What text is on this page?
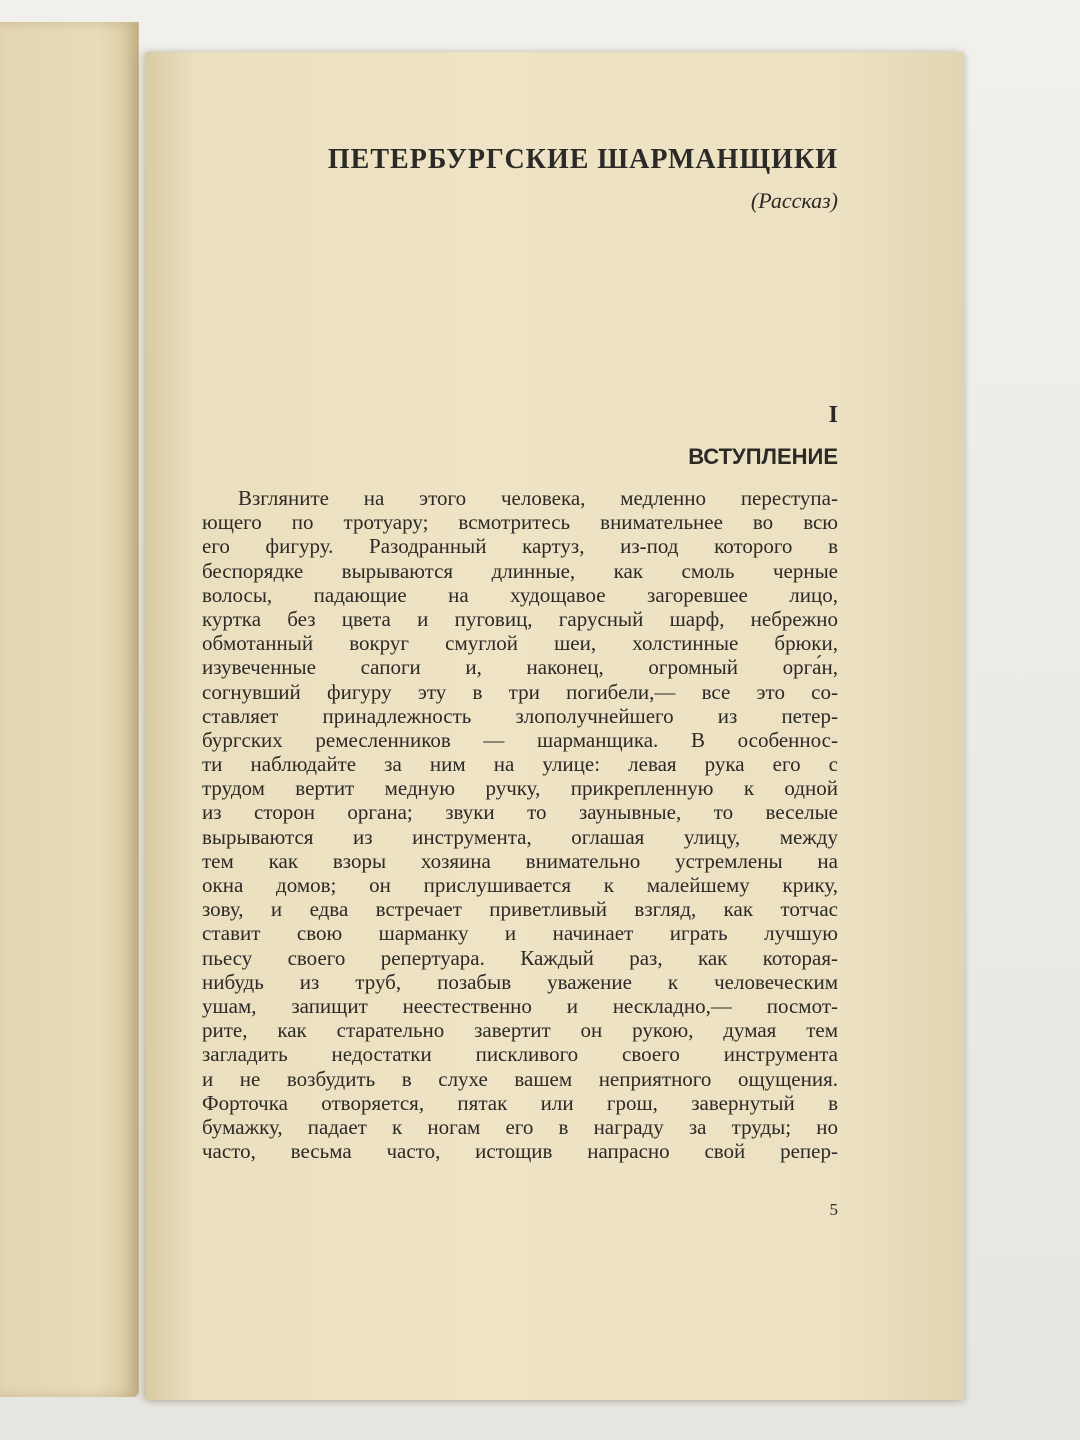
ПЕТЕРБУРГСКИЕ ШАРМАНЩИКИ

(Рассказ)

I

ВСТУПЛЕНИЕ
Взгляните на этого человека, медленно переступа-
ющего по тротуару; всмотритесь внимательнее во всю
его фигуру. Разодранный картуз, из-под которого в
беспорядке вырываются длинные, как смоль черные
волосы, падающие на худощавое загоревшее лицо,
куртка без цвета и пуговиц, гарусный шарф, небрежно
обмотанный вокруг смуглой шеи, холстинные брюки,
изувеченные сапоги и, наконец, огромный орга́н,
согнувший фигуру эту в три погибели,— все это со-
ставляет принадлежность злополучнейшего из петер-
бургских ремесленников — шарманщика. В особеннос-
ти наблюдайте за ним на улице: левая рука его с
трудом вертит медную ручку, прикрепленную к одной
из сторон органа; звуки то заунывные, то веселые
вырываются из инструмента, оглашая улицу, между
тем как взоры хозяина внимательно устремлены на
окна домов; он прислушивается к малейшему крику,
зову, и едва встречает приветливый взгляд, как тотчас
ставит свою шарманку и начинает играть лучшую
пьесу своего репертуара. Каждый раз, как которая-
нибудь из труб, позабыв уважение к человеческим
ушам, запищит неестественно и нескладно,— посмот-
рите, как старательно завертит он рукою, думая тем
загладить недостатки пискливого своего инструмента
и не возбудить в слухе вашем неприятного ощущения.
Форточка отворяется, пятак или грош, завернутый в
бумажку, падает к ногам его в награду за труды; но
часто, весьма часто, истощив напрасно свой репер-

5
